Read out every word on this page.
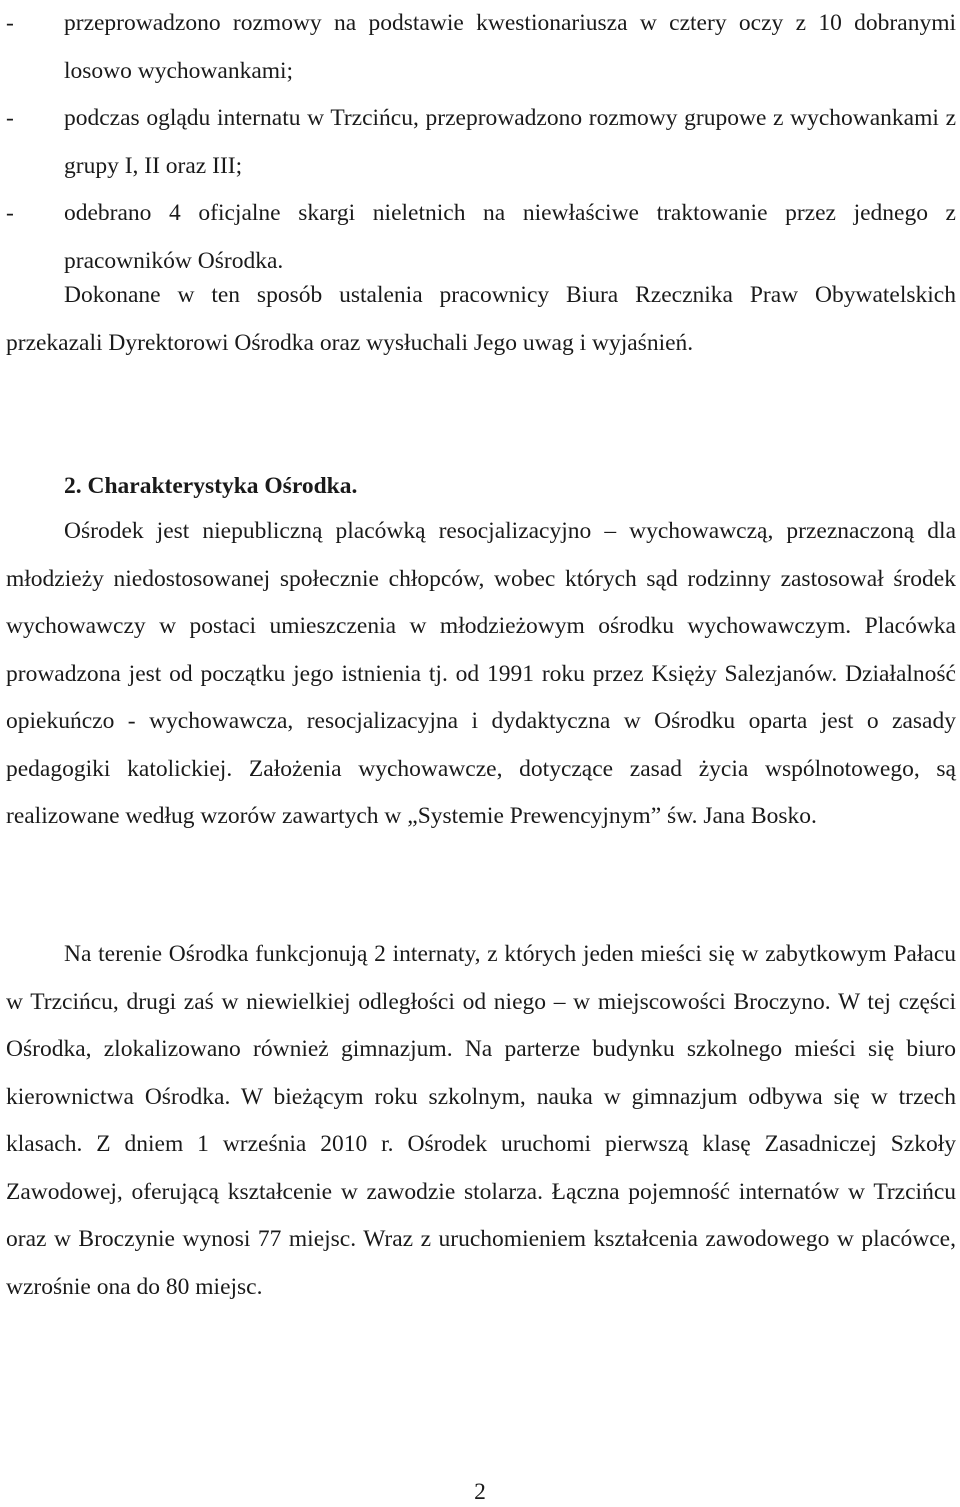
- przeprowadzono rozmowy na podstawie kwestionariusza w cztery oczy z 10 dobranymi losowo wychowankami;
- podczas oglądu internatu w Trzcińcu, przeprowadzono rozmowy grupowe z wychowankami z grupy I, II oraz III;
- odebrano 4 oficjalne skargi nieletnich na niewłaściwe traktowanie przez jednego z pracowników Ośrodka.

Dokonane w ten sposób ustalenia pracownicy Biura Rzecznika Praw Obywatelskich przekazali Dyrektorowi Ośrodka oraz wysłuchali Jego uwag i wyjaśnień.

2. Charakterystyka Ośrodka.

Ośrodek jest niepubliczną placówką resocjalizacyjno – wychowawczą, przeznaczoną dla młodzieży niedostosowanej społecznie chłopców, wobec których sąd rodzinny zastosował środek wychowawczy w postaci umieszczenia w młodzieżowym ośrodku wychowawczym. Placówka prowadzona jest od początku jego istnienia tj. od 1991 roku przez Księży Salezjanów. Działalność opiekuńczo - wychowawcza, resocjalizacyjna i dydaktyczna w Ośrodku oparta jest o zasady pedagogiki katolickiej. Założenia wychowawcze, dotyczące zasad życia wspólnotowego, są realizowane według wzorów zawartych w „Systemie Prewencyjnym” św. Jana Bosko.

Na terenie Ośrodka funkcjonują 2 internaty, z których jeden mieści się w zabytkowym Pałacu w Trzcińcu, drugi zaś w niewielkiej odległości od niego – w miejscowości Broczyno. W tej części Ośrodka, zlokalizowano również gimnazjum. Na parterze budynku szkolnego mieści się biuro kierownictwa Ośrodka. W bieżącym roku szkolnym, nauka w gimnazjum odbywa się w trzech klasach. Z dniem 1 września 2010 r. Ośrodek uruchomi pierwszą klasę Zasadniczej Szkoły Zawodowej, oferującą kształcenie w zawodzie stolarza. Łączna pojemność internatów w Trzcińcu oraz w Broczynie wynosi 77 miejsc. Wraz z uruchomieniem kształcenia zawodowego w placówce, wzrośnie ona do 80 miejsc.

2
